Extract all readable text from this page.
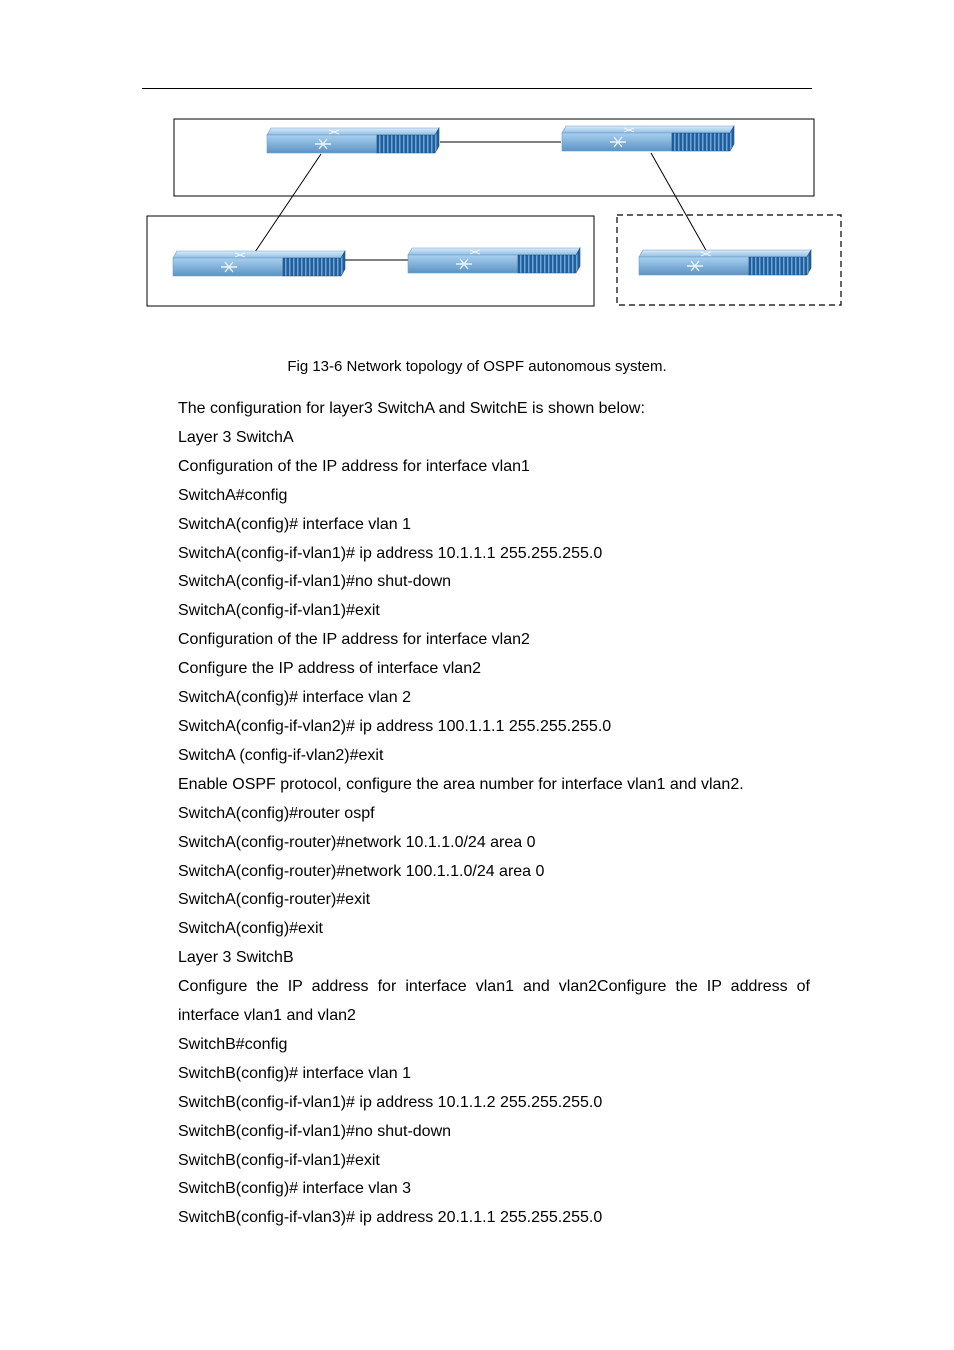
Fig 13-6 Network topology of OSPF autonomous system.
The configuration for layer3 SwitchA and SwitchE is shown below:
Layer 3 SwitchA
Configuration of the IP address for interface vlan1
SwitchA#config
SwitchA(config)# interface vlan 1
SwitchA(config-if-vlan1)# ip address 10.1.1.1 255.255.255.0
SwitchA(config-if-vlan1)#no shut-down
SwitchA(config-if-vlan1)#exit
Configuration of the IP address for interface vlan2
Configure the IP address of interface vlan2
SwitchA(config)# interface vlan 2
SwitchA(config-if-vlan2)# ip address 100.1.1.1 255.255.255.0
SwitchA (config-if-vlan2)#exit
Enable OSPF protocol, configure the area number for interface vlan1 and vlan2.
SwitchA(config)#router ospf
SwitchA(config-router)#network 10.1.1.0/24 area 0
SwitchA(config-router)#network 100.1.1.0/24 area 0
SwitchA(config-router)#exit
SwitchA(config)#exit
Layer 3 SwitchB
Configure the IP address for interface vlan1 and vlan2Configure the IP address of interface vlan1 and vlan2
SwitchB#config
SwitchB(config)# interface vlan 1
SwitchB(config-if-vlan1)# ip address 10.1.1.2 255.255.255.0
SwitchB(config-if-vlan1)#no shut-down
SwitchB(config-if-vlan1)#exit
SwitchB(config)# interface vlan 3
SwitchB(config-if-vlan3)# ip address 20.1.1.1 255.255.255.0
